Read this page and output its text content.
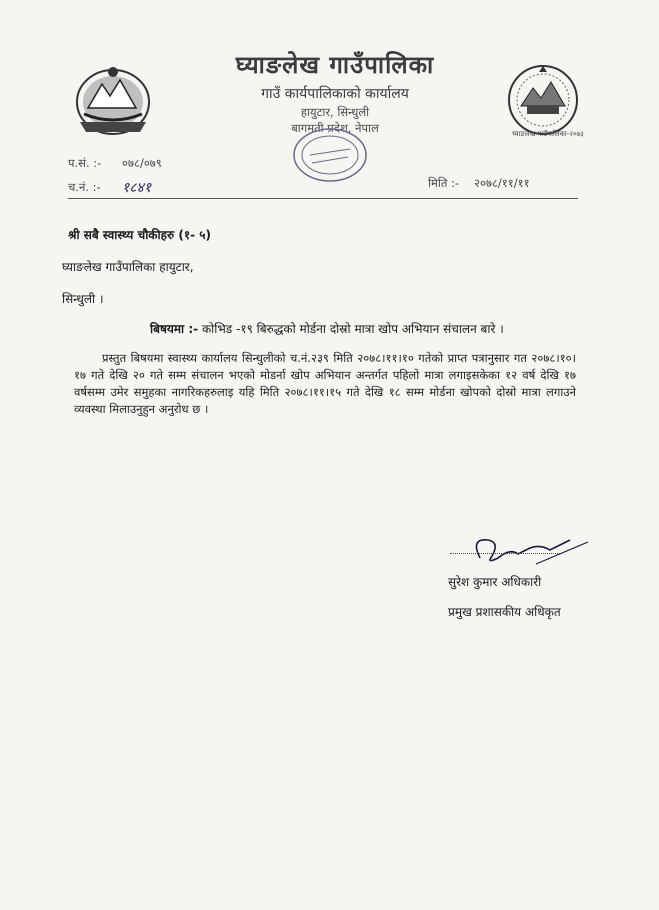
घ्याङलेख गाउँपालिका-२०७३
घ्याङलेख गाउँपालिका
गाउँ कार्यपालिकाको कार्यालय
हायुटार, सिन्धुली
बागमती प्रदेश, नेपाल
प.सं. :- ०७८/०७९
च.नं. :- १८४१	मिति :- २०७८/११/११
श्री सबै स्वास्थ्य चौकीहरु (१- ५)
घ्याङलेख गाउँपालिका हायुटार,
सिन्धुली ।
बिषयमा :- कोभिड -१९ बिरुद्धको मोर्डना दोस्रो मात्रा खोप अभियान संचालन बारे ।
प्रस्तुत बिषयमा स्वास्थ्य कार्यालय सिन्धुलीको च.नं.२३९ मिति २०७८।११।१० गतेको प्राप्त पत्रानुसार गत २०७८।१०।१७ गते देखि २० गते सम्म संचालन भएको मोडर्ना खोप अभियान अन्तर्गत पहिलो मात्रा लगाइसकेका १२ वर्ष देखि १७ वर्षसम्म उमेर समुहका नागरिकहरुलाइ यहि मिति २०७८।११।१५ गते देखि १८ सम्म मोर्डना खोपको दोस्रो मात्रा लगाउने व्यवस्था मिलाउनुहुन अनुरोध छ ।
सुरेश कुमार अधिकारी
प्रमुख प्रशासकीय अधिकृत
